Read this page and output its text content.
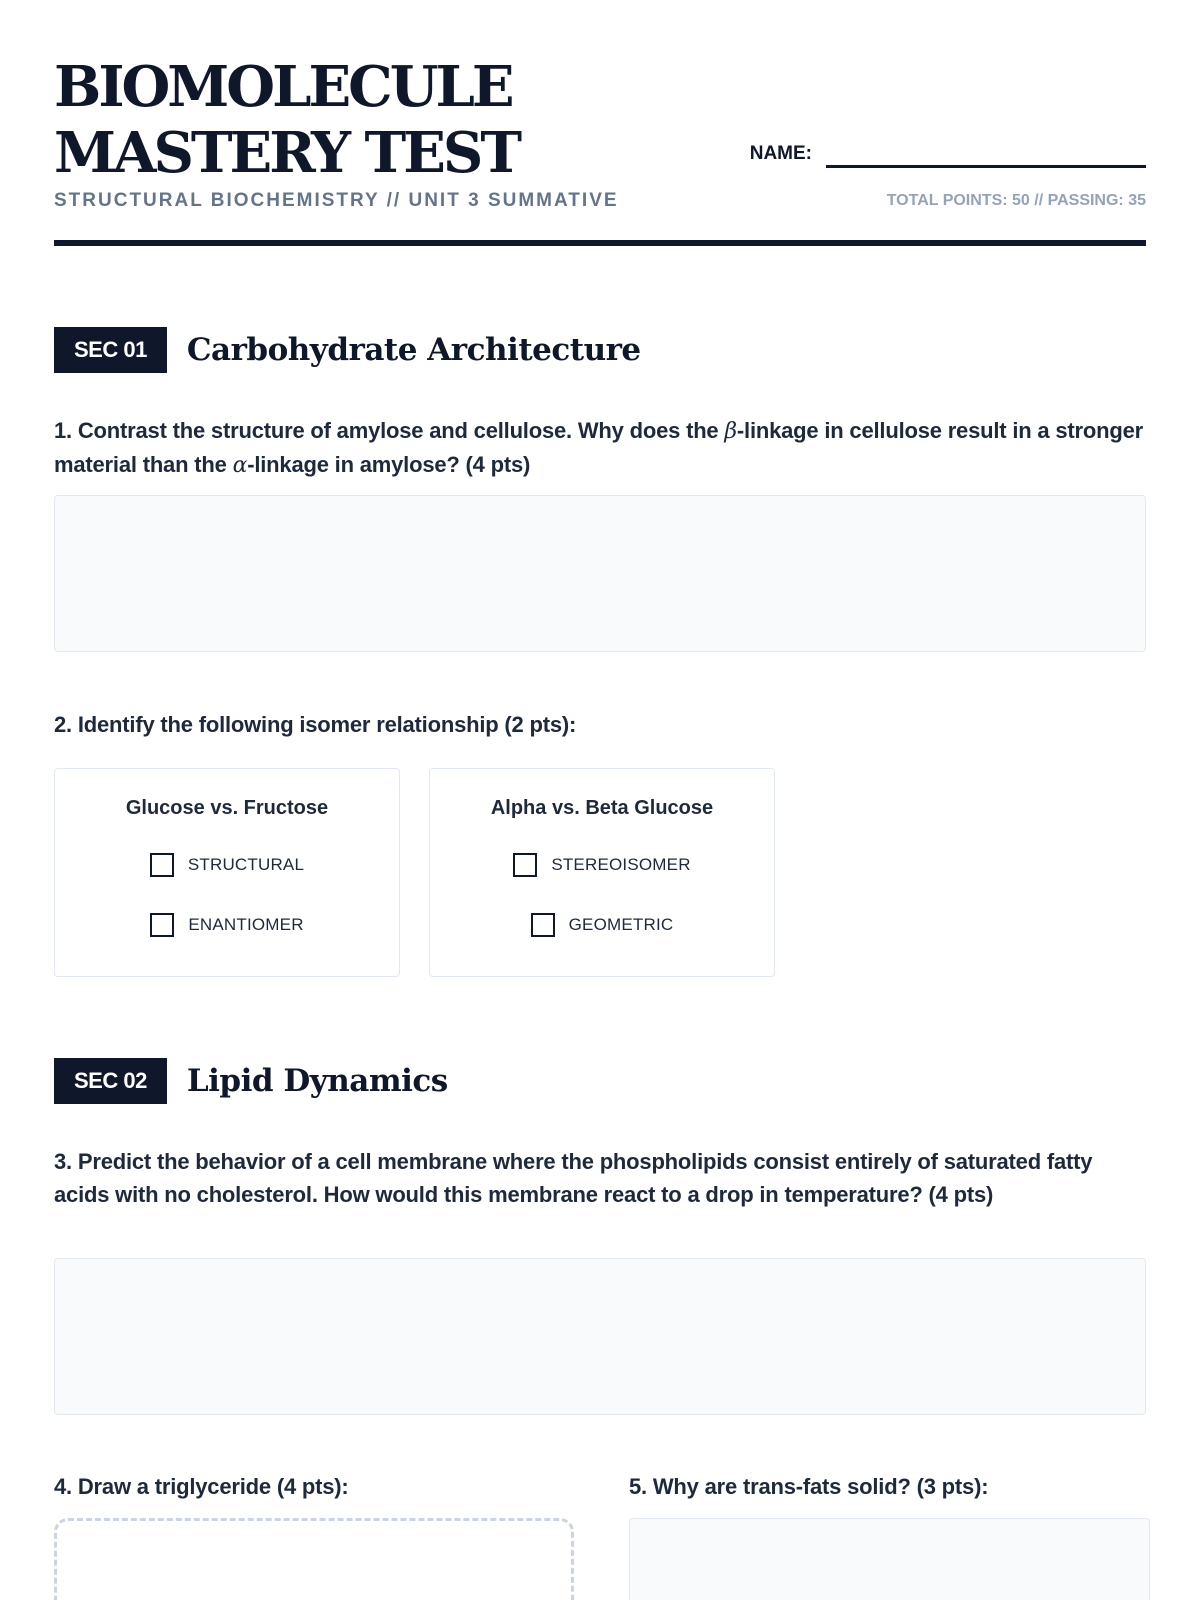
BIOMOLECULE
MASTERY TEST
STRUCTURAL BIOCHEMISTRY // UNIT 3 SUMMATIVE
NAME:
TOTAL POINTS: 50 // PASSING: 35
SEC 01	Carbohydrate Architecture
1. Contrast the structure of amylose and cellulose. Why does the β-linkage in cellulose result in a stronger material than the α-linkage in amylose? (4 pts)
2. Identify the following isomer relationship (2 pts):
Glucose vs. Fructose
STRUCTURAL
ENANTIOMER
Alpha vs. Beta Glucose
STEREOISOMER
GEOMETRIC
SEC 02	Lipid Dynamics
3. Predict the behavior of a cell membrane where the phospholipids consist entirely of saturated fatty acids with no cholesterol. How would this membrane react to a drop in temperature? (4 pts)
4. Draw a triglyceride (4 pts):	5. Why are trans-fats solid? (3 pts):
